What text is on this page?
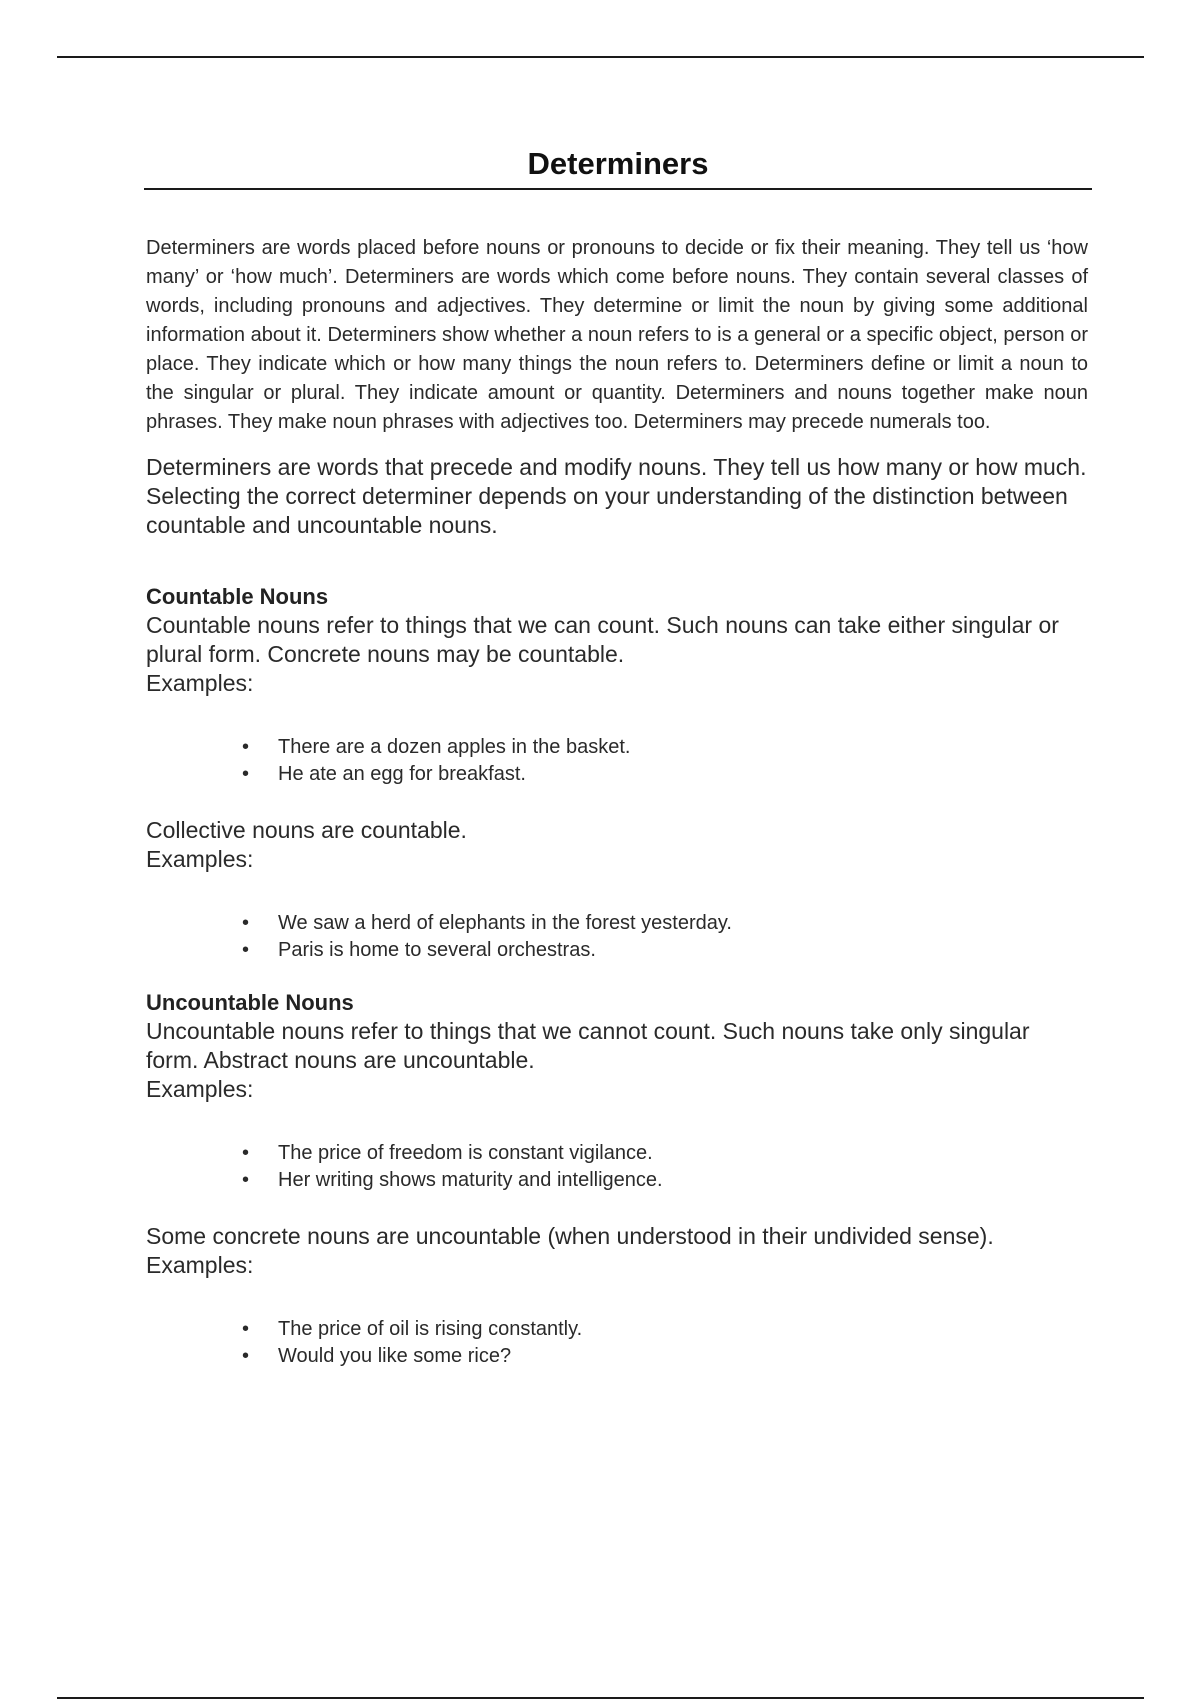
Determiners

Determiners are words placed before nouns or pronouns to decide or fix their meaning. They tell us ‘how many’ or ‘how much’. Determiners are words which come before nouns. They contain several classes of words, including pronouns and adjectives. They determine or limit the noun by giving some additional information about it. Determiners show whether a noun refers to is a general or a specific object, person or place. They indicate which or how many things the noun refers to. Determiners define or limit a noun to the singular or plural. They indicate amount or quantity. Determiners and nouns together make noun phrases. They make noun phrases with adjectives too. Determiners may precede numerals too.

Determiners are words that precede and modify nouns. They tell us how many or how much. Selecting the correct determiner depends on your understanding of the distinction between countable and uncountable nouns.

Countable Nouns

Countable nouns refer to things that we can count. Such nouns can take either singular or plural form. Concrete nouns may be countable.

Examples:

• There are a dozen apples in the basket.
• He ate an egg for breakfast.

Collective nouns are countable.

Examples:

• We saw a herd of elephants in the forest yesterday.
• Paris is home to several orchestras.
Uncountable Nouns

Uncountable nouns refer to things that we cannot count. Such nouns take only singular form. Abstract nouns are uncountable.

Examples:

• The price of freedom is constant vigilance.
• Her writing shows maturity and intelligence.

Some concrete nouns are uncountable (when understood in their undivided sense).

Examples:

• The price of oil is rising constantly.
• Would you like some rice?
